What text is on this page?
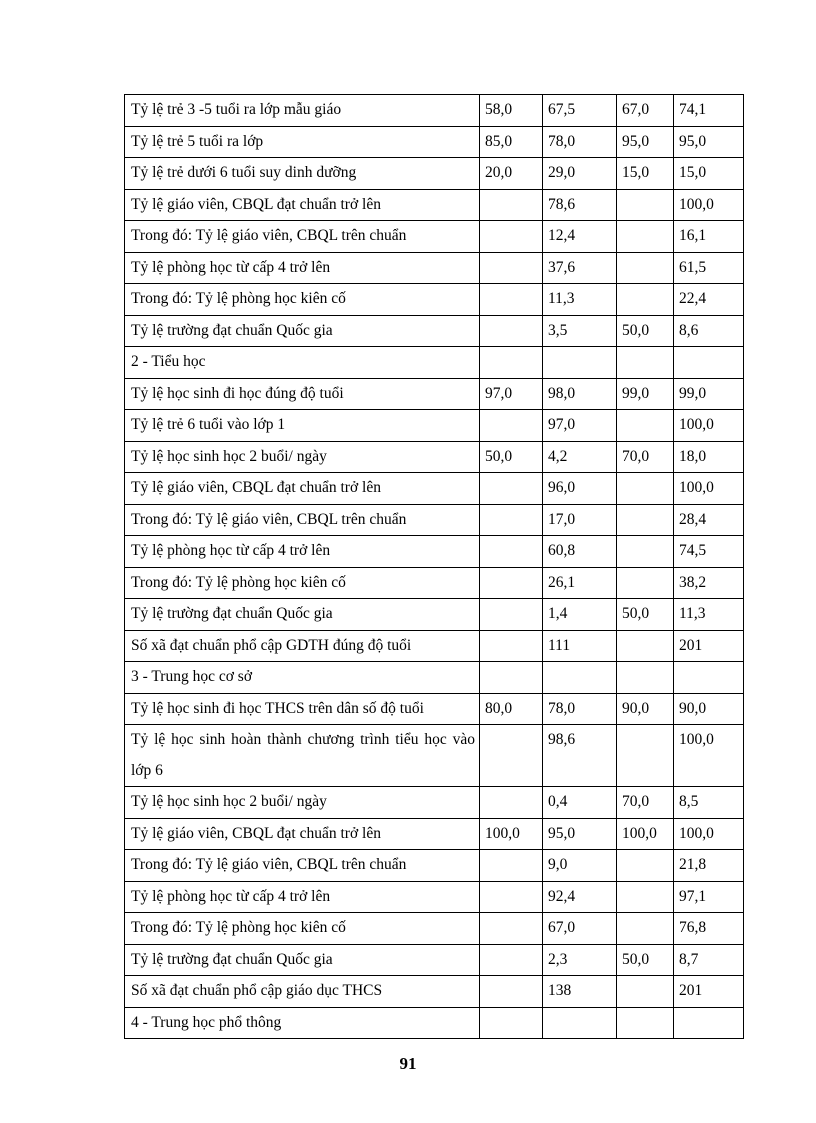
Tỷ lệ trẻ 3 -5 tuổi ra lớp mẫu giáo	58,0	67,5	67,0	74,1
Tỷ lệ trẻ 5 tuổi ra lớp	85,0	78,0	95,0	95,0
Tỷ lệ trẻ dưới 6 tuổi suy dinh dưỡng	20,0	29,0	15,0	15,0
Tỷ lệ giáo viên, CBQL đạt chuẩn trở lên		78,6		100,0
Trong đó: Tỷ lệ giáo viên, CBQL trên chuẩn		12,4		16,1
Tỷ lệ phòng học từ cấp 4 trở lên		37,6		61,5
Trong đó: Tỷ lệ phòng học kiên cố		11,3		22,4
Tỷ lệ trường đạt chuẩn Quốc gia		3,5	50,0	8,6
2 - Tiểu học				
Tỷ lệ học sinh đi học đúng độ tuổi	97,0	98,0	99,0	99,0
Tỷ lệ trẻ 6 tuổi vào lớp 1		97,0		100,0
Tỷ lệ học sinh học 2 buổi/ ngày	50,0	4,2	70,0	18,0
Tỷ lệ giáo viên, CBQL đạt chuẩn trở lên		96,0		100,0
Trong đó: Tỷ lệ giáo viên, CBQL trên chuẩn		17,0		28,4
Tỷ lệ phòng học từ cấp 4 trở lên		60,8		74,5
Trong đó: Tỷ lệ phòng học kiên cố		26,1		38,2
Tỷ lệ trường đạt chuẩn Quốc gia		1,4	50,0	11,3
Số xã đạt chuẩn phổ cập GDTH đúng độ tuổi		111		201
3 - Trung học cơ sở				
Tỷ lệ học sinh đi học THCS trên dân số độ tuổi	80,0	78,0	90,0	90,0
Tỷ lệ học sinh hoàn thành chương trình tiểu học vào lớp 6		98,6		100,0
Tỷ lệ học sinh học 2 buổi/ ngày		0,4	70,0	8,5
Tỷ lệ giáo viên, CBQL đạt chuẩn trở lên	100,0	95,0	100,0	100,0
Trong đó: Tỷ lệ giáo viên, CBQL trên chuẩn		9,0		21,8
Tỷ lệ phòng học từ cấp 4 trở lên		92,4		97,1
Trong đó: Tỷ lệ phòng học kiên cố		67,0		76,8
Tỷ lệ trường đạt chuẩn Quốc gia		2,3	50,0	8,7
Số xã đạt chuẩn phổ cập giáo dục THCS		138		201
4 - Trung học phổ thông				
91
